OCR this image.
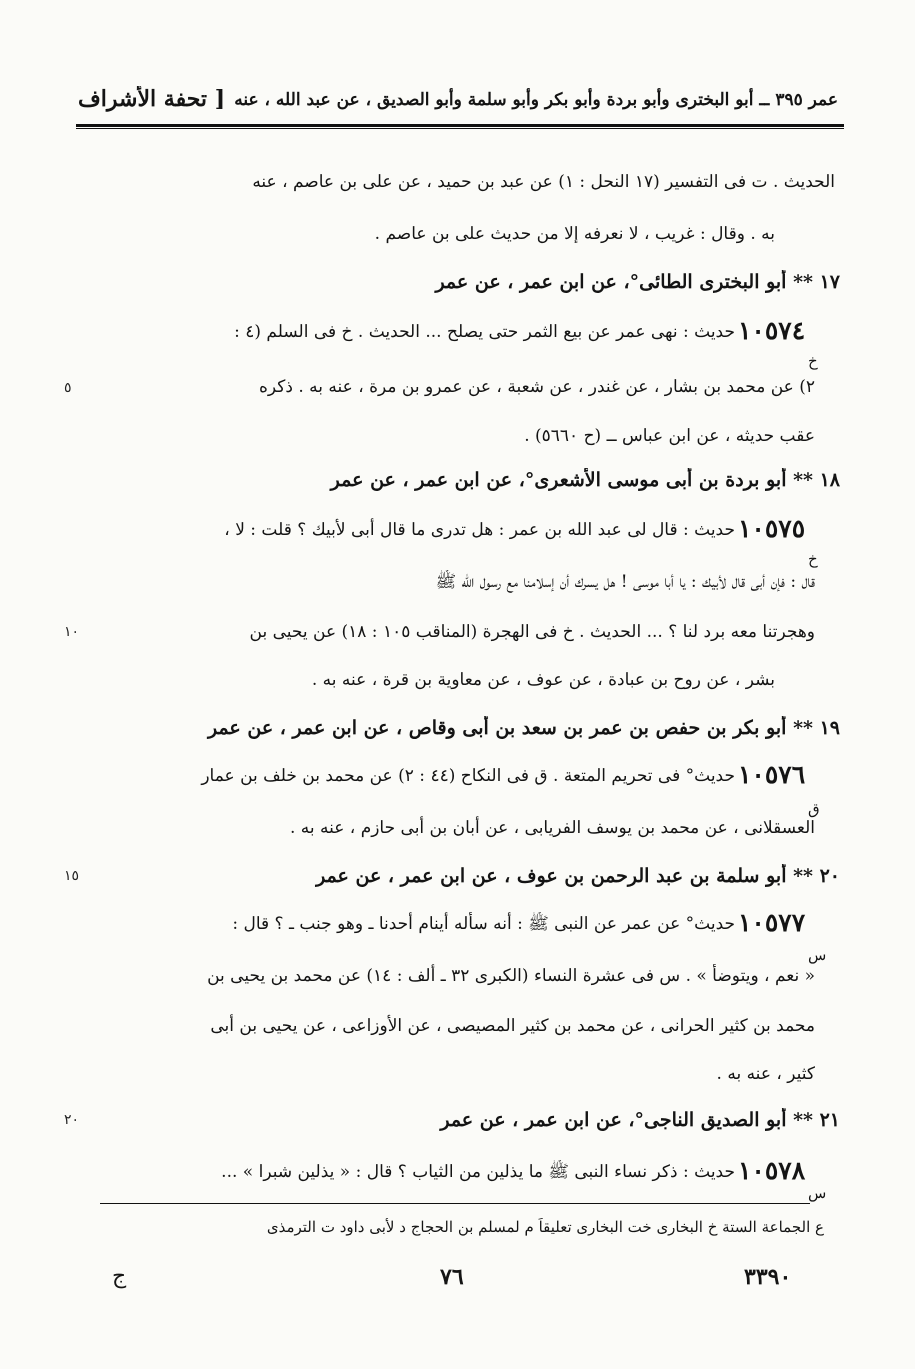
عمر ٣٩٥ ــ أبو البخترى وأبو بردة وأبو بكر وأبو سلمة وأبو الصديق ، عن عبد الله ، عنه
[ تحفة الأشراف
الحديث . ت فى التفسير (١٧ النحل : ١) عن عبد بن حميد ، عن على بن عاصم ، عنه
به . وقال : غريب ، لا نعرفه إلا من حديث على بن عاصم .
١٧ ** أبو البخترى الطائى°، عن ابن عمر ، عن عمر
١٠٥٧٤
حديث : نهى عمر عن بيع الثمر حتى يصلح ... الحديث . خ فى السلم (٤ :
خ
٢) عن محمد بن بشار ، عن غندر ، عن شعبة ، عن عمرو بن مرة ، عنه به . ذكره
٥
عقب حديثه ، عن ابن عباس ــ (ح ٥٦٦٠) .
١٨ ** أبو بردة بن أبى موسى الأشعرى°، عن ابن عمر ، عن عمر
١٠٥٧٥
حديث : قال لى عبد الله بن عمر : هل تدرى ما قال أبى لأبيك ؟ قلت : لا ،
خ
قال : فإن أبى قال لأبيك : يا أبا موسى ! هل يسرك أن إسلامنا مع رسول الله ﷺ
وهجرتنا معه برد لنا ؟ ... الحديث . خ فى الهجرة (المناقب ١٠٥ : ١٨) عن يحيى بن
١٠
بشر ، عن روح بن عبادة ، عن عوف ، عن معاوية بن قرة ، عنه به .
١٩ ** أبو بكر بن حفص بن عمر بن سعد بن أبى وقاص ، عن ابن عمر ، عن عمر
١٠٥٧٦
حديث° فى تحريم المتعة . ق فى النكاح (٤٤ : ٢) عن محمد بن خلف بن عمار
ق
العسقلانى ، عن محمد بن يوسف الفريابى ، عن أبان بن أبى حازم ، عنه به .
٢٠ ** أبو سلمة بن عبد الرحمن بن عوف ، عن ابن عمر ، عن عمر
١٥
١٠٥٧٧
حديث° عن عمر عن النبى ﷺ : أنه سأله أينام أحدنا ـ وهو جنب ـ ؟ قال :
س
« نعم ، ويتوضأ » . س فى عشرة النساء (الكبرى ٣٢ ـ ألف : ١٤) عن محمد بن يحيى بن
محمد بن كثير الحرانى ، عن محمد بن كثير المصيصى ، عن الأوزاعى ، عن يحيى بن أبى
كثير ، عنه به .
٢١ ** أبو الصديق الناجى°، عن ابن عمر ، عن عمر
٢٠
١٠٥٧٨
حديث : ذكر نساء النبى ﷺ ما يذلين من الثياب ؟ قال : « يذلين شبرا » ...
س
ع الجماعة الستة خ البخارى خت البخارى تعليقاً م لمسلم بن الحجاج د لأبى داود ت الترمذى
٣٣٩٠
٧٦
ج
